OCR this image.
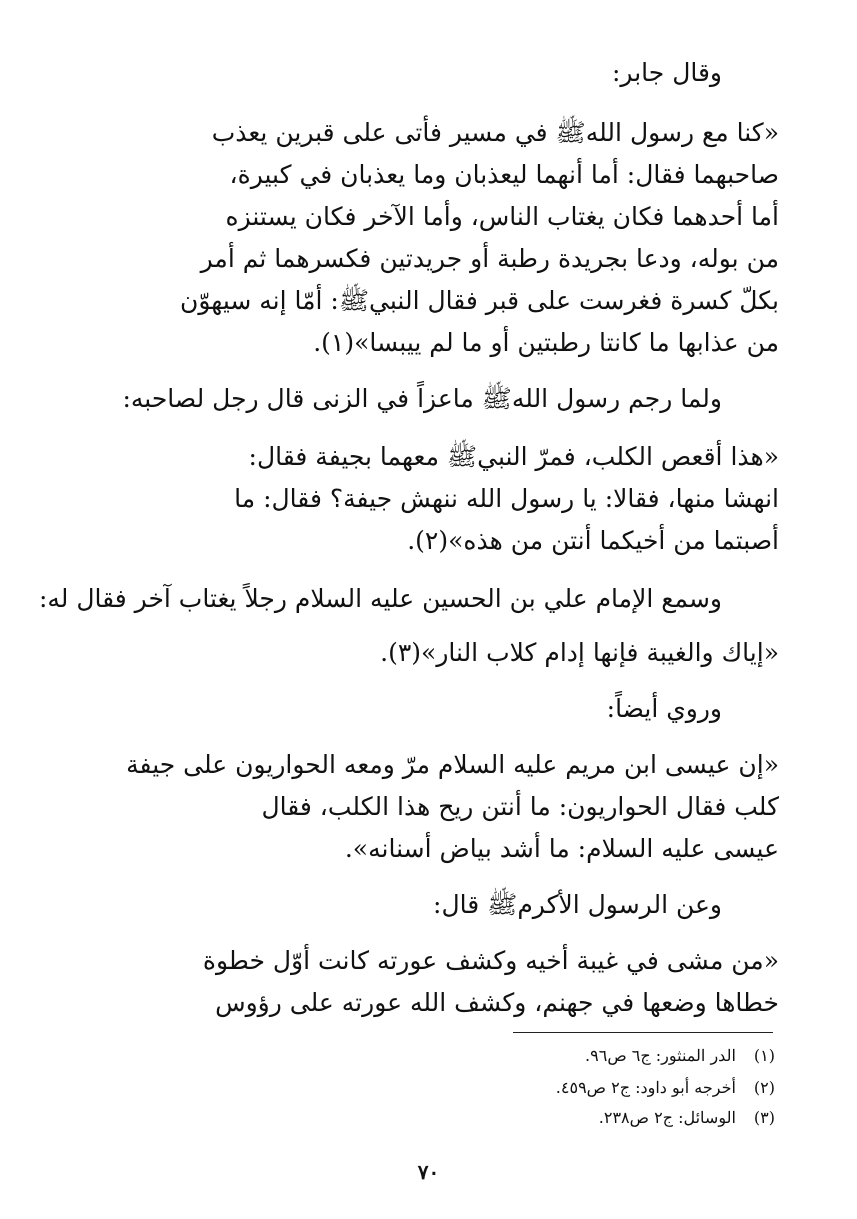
وقال جابر:
«كنا مع رسول اللهﷺ في مسير فأتى على قبرين يعذب
صاحبهما فقال: أما أنهما ليعذبان وما يعذبان في كبيرة،
أما أحدهما فكان يغتاب الناس، وأما الآخر فكان يستنزه
من بوله، ودعا بجريدة رطبة أو جريدتين فكسرهما ثم أمر
بكلّ كسرة فغرست على قبر فقال النبيﷺ: أمّا إنه سيهوّن
من عذابها ما كانتا رطبتين أو ما لم ييبسا»(١).
ولما رجم رسول اللهﷺ ماعزاً في الزنى قال رجل لصاحبه:
«هذا أقعص الكلب، فمرّ النبيﷺ معهما بجيفة فقال:
انهشا منها، فقالا: يا رسول الله ننهش جيفة؟ فقال: ما
أصبتما من أخيكما أنتن من هذه»(٢).
وسمع الإمام علي بن الحسين عليه السلام رجلاً يغتاب آخر فقال له:
«إياك والغيبة فإنها إدام كلاب النار»(٣).
وروي أيضاً:
«إن عيسى ابن مريم عليه السلام مرّ ومعه الحواريون على جيفة
كلب فقال الحواريون: ما أنتن ريح هذا الكلب، فقال
عيسى عليه السلام: ما أشد بياض أسنانه».
وعن الرسول الأكرمﷺ قال:
«من مشى في غيبة أخيه وكشف عورته كانت أوّل خطوة
خطاها وضعها في جهنم، وكشف الله عورته على رؤوس
(١) الدر المنثور: ج٦ ص٩٦.
(٢) أخرجه أبو داود: ج٢ ص٤٥٩.
(٣) الوسائل: ج٢ ص٢٣٨.
٧٠
